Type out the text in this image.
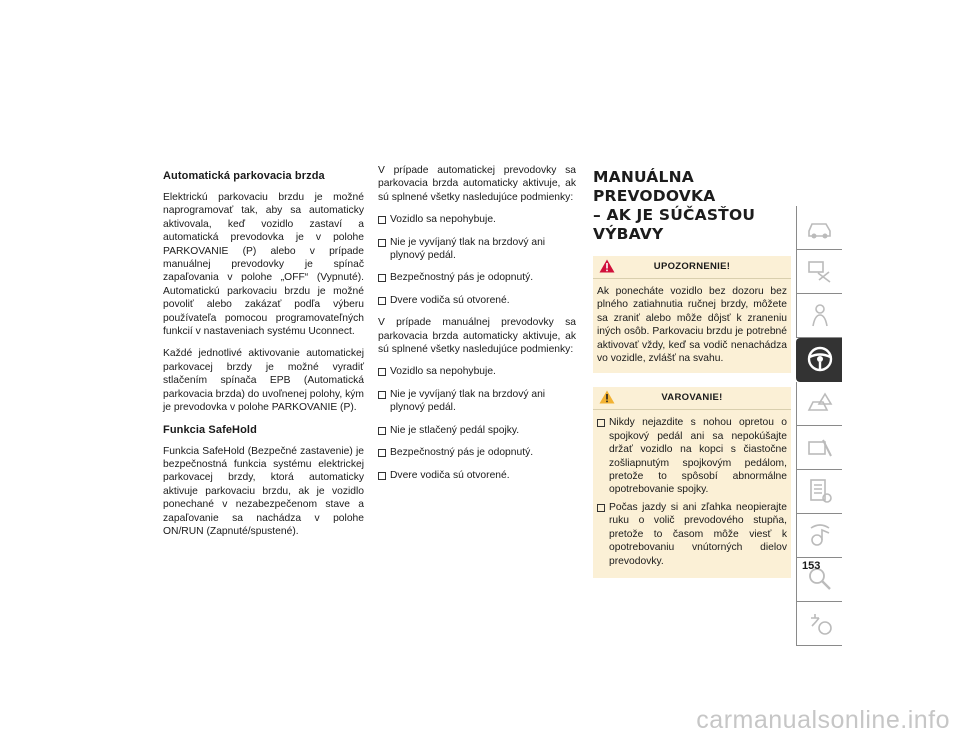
Automatická parkovacia brzda

Elektrickú parkovaciu brzdu je možné naprogramovať tak, aby sa automaticky aktivovala, keď vozidlo zastaví a automatická prevodovka je v polohe PARKOVANIE (P) alebo v prípade manuálnej prevodovky je spínač zapaľovania v polohe „OFF“ (Vypnuté). Automatickú parkovaciu brzdu je možné povoliť alebo zakázať podľa výberu používateľa pomocou programovateľných funkcií v nastaveniach systému Uconnect.

Každé jednotlivé aktivovanie automatickej parkovacej brzdy je možné vyradiť stlačením spínača EPB (Automatická parkovacia brzda) do uvoľnenej polohy, kým je prevodovka v polohe PARKOVANIE (P).

Funkcia SafeHold

Funkcia SafeHold (Bezpečné zastavenie) je bezpečnostná funkcia systému elektrickej parkovacej brzdy, ktorá automaticky aktivuje parkovaciu brzdu, ak je vozidlo ponechané v nezabezpečenom stave a zapaľovanie sa nachádza v polohe ON/RUN (Zapnuté/spustené).

V prípade automatickej prevodovky sa parkovacia brzda automaticky aktivuje, ak sú splnené všetky nasledujúce podmienky:

Vozidlo sa nepohybuje.
Nie je vyvíjaný tlak na brzdový ani plynový pedál.
Bezpečnostný pás je odopnutý.
Dvere vodiča sú otvorené.

V prípade manuálnej prevodovky sa parkovacia brzda automaticky aktivuje, ak sú splnené všetky nasledujúce podmienky:

Vozidlo sa nepohybuje.
Nie je vyvíjaný tlak na brzdový ani plynový pedál.
Nie je stlačený pedál spojky.
Bezpečnostný pás je odopnutý.
Dvere vodiča sú otvorené.
MANUÁLNA PREVODOVKA
– AK JE SÚČASŤOU VÝBAVY
UPOZORNENIE!

Ak ponecháte vozidlo bez dozoru bez plného zatiahnutia ručnej brzdy, môžete sa zraniť alebo môže dôjsť k zraneniu iných osôb. Parkovaciu brzdu je potrebné aktivovať vždy, keď sa vodič nenachádza vo vozidle, zvlášť na svahu.

VAROVANIE!
Nikdy nejazdite s nohou opretou o spojkový pedál ani sa nepokúšajte držať vozidlo na kopci s čiastočne zošliapnutým spojkovým pedálom, pretože to spôsobí abnormálne opotrebovanie spojky.
Počas jazdy si ani zľahka neopierajte ruku o volič prevodového stupňa, pretože to časom môže viesť k opotrebovaniu vnútorných dielov prevodovky.	153
carmanualsonline.info
